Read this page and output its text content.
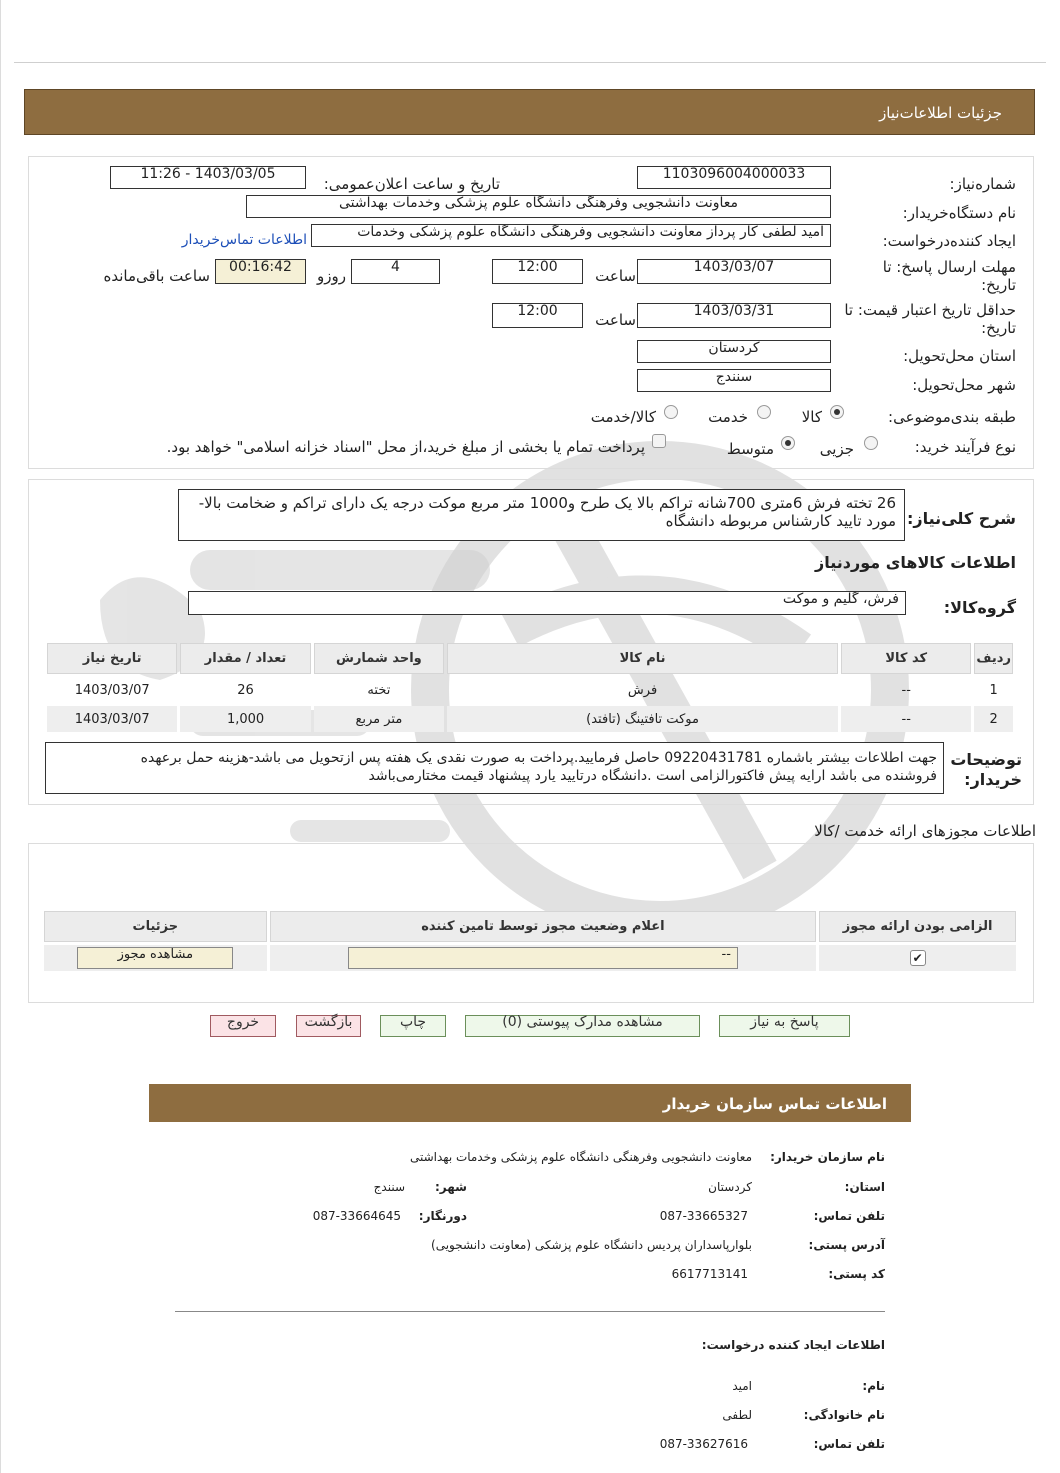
جزئیات اطلاعات‌نیاز
شماره‌نیاز:
1103096004000033
تاریخ و ساعت اعلان‌عمومی:
1403/03/05 - 11:26
نام دستگاه‌خریدار:
معاونت دانشجویی وفرهنگی دانشگاه علوم پزشکی وخدمات بهداشتی
ایجاد کننده‌درخواست:
امید لطفی کار پرداز معاونت دانشجویی وفرهنگی دانشگاه علوم پزشکی وخدمات
اطلاعات تماس‌خریدار
مهلت ارسال پاسخ: تا تاریخ:
1403/03/07
ساعت
12:00
4
روزو
00:16:42
ساعت باقی‌مانده
حداقل تاریخ اعتبار قیمت: تا تاریخ:
1403/03/31
ساعت
12:00
استان محل‌تحویل:
کردستان
شهر محل‌تحویل:
سنندج
طبقه بندی‌موضوعی:
کالا
خدمت
کالا/خدمت
نوع فرآیند خرید:
جزیی
متوسط
پرداخت تمام یا بخشی از مبلغ خرید،از محل "اسناد خزانه اسلامی" خواهد بود.
شرح کلی‌نیاز:
26 تخته فرش 6متری 700شانه تراکم بالا یک طرح و1000 متر مربع موکت درجه یک دارای تراکم و ضخامت بالا-
مورد تایید کارشناس مربوطه دانشگاه
اطلاعات کالاهای موردنیاز
گروه‌کالا:
فرش، گلیم و موکت
ردیف	کد کالا	نام کالا	واحد شمارش	تعداد / مقدار	تاریخ نیاز
1	--	فرش	تخته	26	1403/03/07
2	--	موکت تافتینگ (تافتد)	متر مربع	1,000	1403/03/07
توضیحات خریدار:
جهت اطلاعات بیشتر باشماره 09220431781 حاصل فرمایید.پرداخت به صورت نقدی یک هفته پس ازتحویل می باشد-هزینه حمل برعهده
فروشنده می باشد ارایه پیش فاکتورالزامی است .دانشگاه درتایید یارد پیشنهاد قیمت مختارمی‌باشد
اطلاعات مجوزهای ارائه خدمت /کالا
الزامی بودن ارائه مجوز	اعلام وضعیت مجوز توسط تامین کننده	جزئیات
✔	--	مشاهده مجوز
پاسخ به نیاز
مشاهده مدارک پیوستی (0)
چاپ
بازگشت
خروج
اطلاعات تماس سازمان خریدار
نام سازمان خریدار:
معاونت دانشجویی وفرهنگی دانشگاه علوم پزشکی وخدمات بهداشتی
استان:
کردستان
شهر:
سنندج
تلفن تماس:
087-33665327
دورنگار:
087-33664645
آدرس پستی:
بلوارپاسداران پردیس دانشگاه علوم پزشکی (معاونت دانشجویی)
کد پستی:
6617713141
اطلاعات ایجاد کننده درخواست:
نام:
امید
نام خانوادگی:
لطفی
تلفن تماس:
087-33627616
